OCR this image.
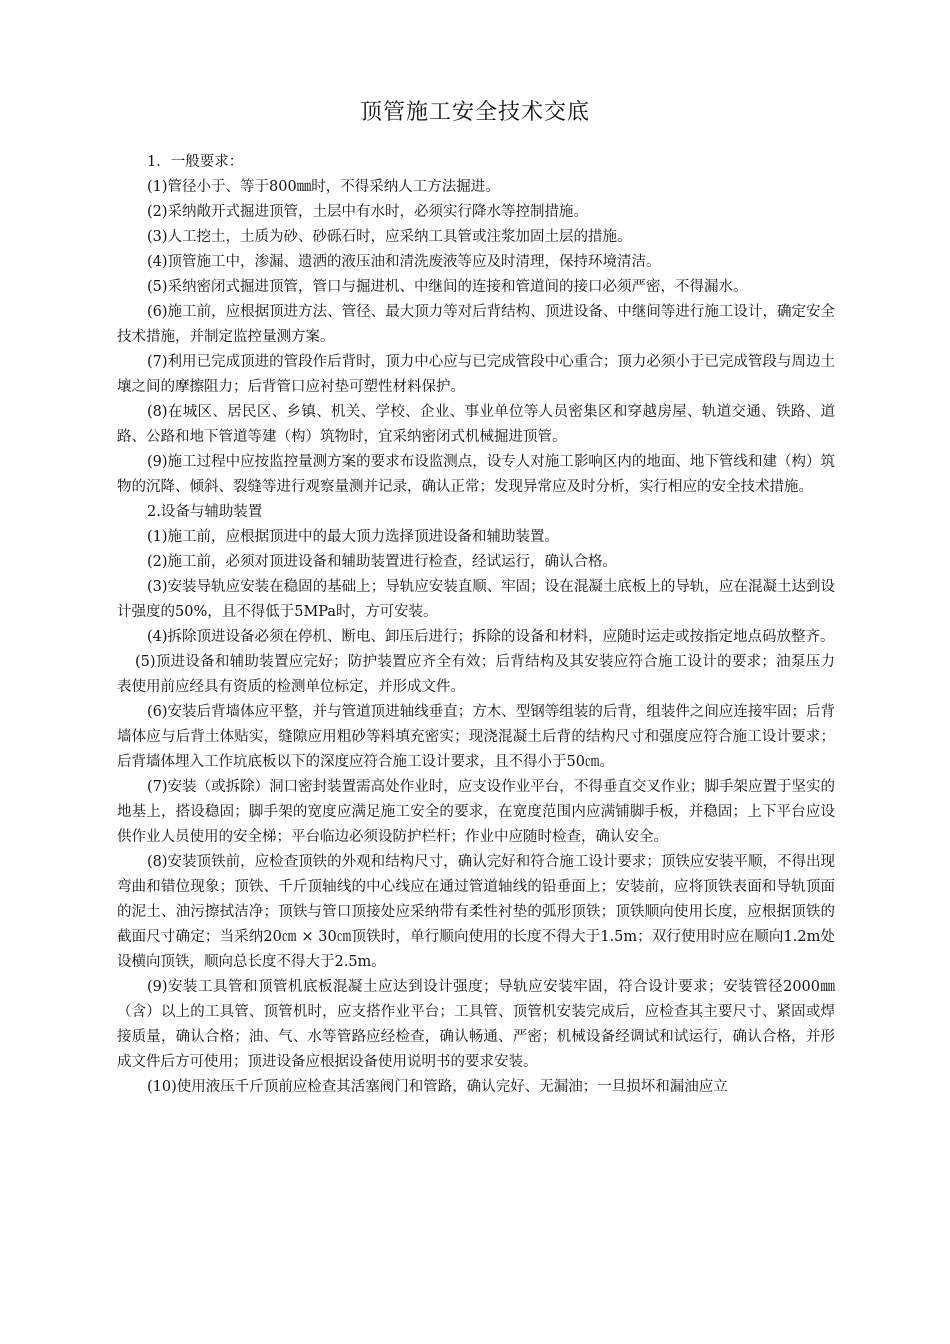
顶管施工安全技术交底

1．一般要求：

(1)管径小于、等于800㎜时，不得采纳人工方法掘进。

(2)采纳敞开式掘进顶管，土层中有水时，必须实行降水等控制措施。

(3)人工挖土，土质为砂、砂砾石时，应采纳工具管或注浆加固土层的措施。

(4)顶管施工中，渗漏、遗洒的液压油和清洗废液等应及时清理，保持环境清洁。

(5)采纳密闭式掘进顶管，管口与掘进机、中继间的连接和管道间的接口必须严密，不得漏水。

(6)施工前，应根据顶进方法、管径、最大顶力等对后背结构、顶进设备、中继间等进行施工设计，确定安全技术措施，并制定监控量测方案。

(7)利用已完成顶进的管段作后背时，顶力中心应与已完成管段中心重合；顶力必须小于已完成管段与周边土壤之间的摩擦阻力；后背管口应衬垫可塑性材料保护。

(8)在城区、居民区、乡镇、机关、学校、企业、事业单位等人员密集区和穿越房屋、轨道交通、铁路、道路、公路和地下管道等建（构）筑物时，宜采纳密闭式机械掘进顶管。

(9)施工过程中应按监控量测方案的要求布设监测点，设专人对施工影响区内的地面、地下管线和建（构）筑物的沉降、倾斜、裂缝等进行观察量测并记录，确认正常；发现异常应及时分析，实行相应的安全技术措施。

2.设备与辅助装置

(1)施工前，应根据顶进中的最大顶力选择顶进设备和辅助装置。

(2)施工前，必须对顶进设备和辅助装置进行检查，经试运行，确认合格。

(3)安装导轨应安装在稳固的基础上；导轨应安装直顺、牢固；设在混凝土底板上的导轨，应在混凝土达到设计强度的50%，且不得低于5MPa时，方可安装。

(4)拆除顶进设备必须在停机、断电、卸压后进行；拆除的设备和材料，应随时运走或按指定地点码放整齐。

(5)顶进设备和辅助装置应完好；防护装置应齐全有效；后背结构及其安装应符合施工设计的要求；油泵压力表使用前应经具有资质的检测单位标定，并形成文件。

(6)安装后背墙体应平整，并与管道顶进轴线垂直；方木、型钢等组装的后背，组装件之间应连接牢固；后背墙体应与后背土体贴实，缝隙应用粗砂等料填充密实；现浇混凝土后背的结构尺寸和强度应符合施工设计要求；后背墙体埋入工作坑底板以下的深度应符合施工设计要求，且不得小于50㎝。

(7)安装（或拆除）洞口密封装置需高处作业时，应支设作业平台，不得垂直交叉作业；脚手架应置于坚实的地基上，搭设稳固；脚手架的宽度应满足施工安全的要求，在宽度范围内应满铺脚手板，并稳固；上下平台应设供作业人员使用的安全梯；平台临边必须设防护栏杆；作业中应随时检查，确认安全。

(8)安装顶铁前，应检查顶铁的外观和结构尺寸，确认完好和符合施工设计要求；顶铁应安装平顺，不得出现弯曲和错位现象；顶铁、千斤顶轴线的中心线应在通过管道轴线的铅垂面上；安装前，应将顶铁表面和导轨顶面的泥土、油污擦拭洁净；顶铁与管口顶接处应采纳带有柔性衬垫的弧形顶铁；顶铁顺向使用长度，应根据顶铁的截面尺寸确定；当采纳20㎝ × 30㎝顶铁时，单行顺向使用的长度不得大于1.5m；双行使用时应在顺向1.2m处设横向顶铁，顺向总长度不得大于2.5m。

(9)安装工具管和顶管机底板混凝土应达到设计强度；导轨应安装牢固，符合设计要求；安装管径2000㎜（含）以上的工具管、顶管机时，应支搭作业平台；工具管、顶管机安装完成后，应检查其主要尺寸、紧固或焊接质量，确认合格；油、气、水等管路应经检查，确认畅通、严密；机械设备经调试和试运行，确认合格，并形成文件后方可使用；顶进设备应根据设备使用说明书的要求安装。

(10)使用液压千斤顶前应检查其活塞阀门和管路，确认完好、无漏油；一旦损坏和漏油应立
